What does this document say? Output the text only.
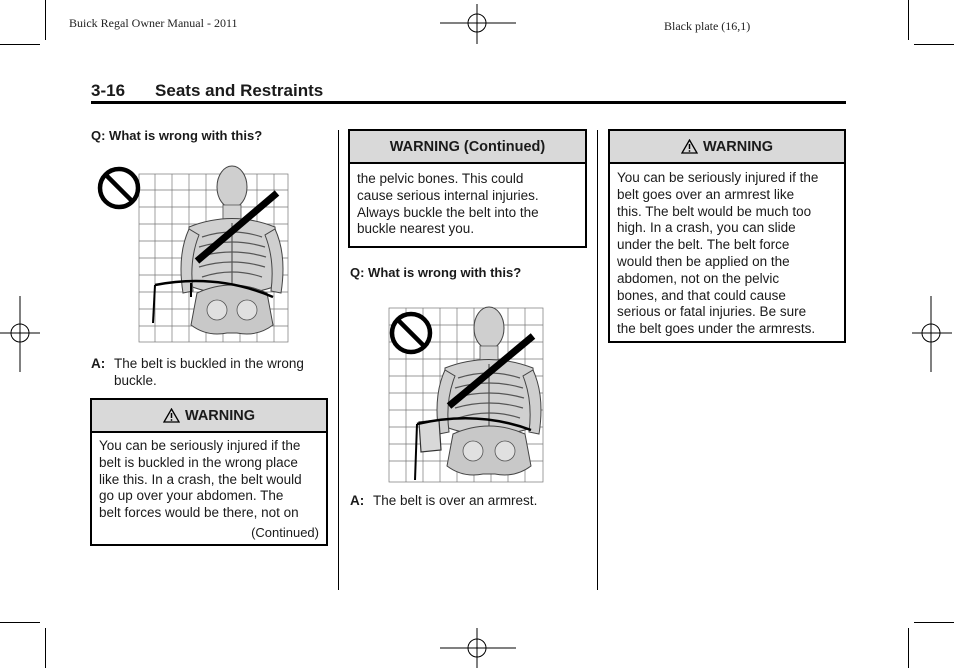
Buick Regal Owner Manual - 2011	Black plate (16,1)
3-16 Seats and Restraints
Q: What is wrong with this?
A: The belt is buckled in the wrong
buckle.
WARNING
You can be seriously injured if the
belt is buckled in the wrong place
like this. In a crash, the belt would
go up over your abdomen. The
belt forces would be there, not on
(Continued)
WARNING (Continued)
the pelvic bones. This could
cause serious internal injuries.
Always buckle the belt into the
buckle nearest you.
Q: What is wrong with this?
A: The belt is over an armrest.
WARNING
You can be seriously injured if the
belt goes over an armrest like
this. The belt would be much too
high. In a crash, you can slide
under the belt. The belt force
would then be applied on the
abdomen, not on the pelvic
bones, and that could cause
serious or fatal injuries. Be sure
the belt goes under the armrests.
